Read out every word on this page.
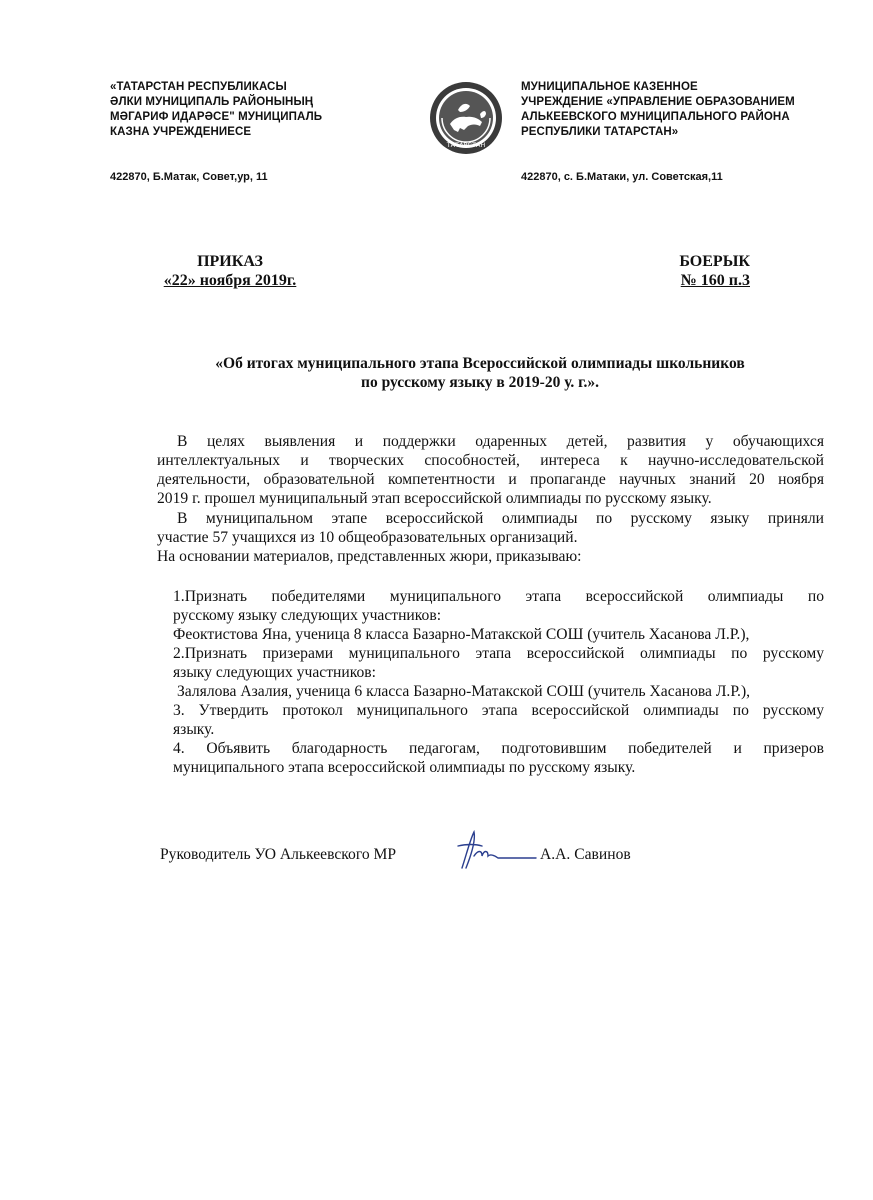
«ТАТАРСТАН РЕСПУБЛИКАСЫ
ӘЛКИ МУНИЦИПАЛЬ РАЙОНЫНЫҢ
МӘГАРИФ ИДАРӘСЕ" МУНИЦИПАЛЬ
КАЗНА УЧРЕЖДЕНИЕСЕ
422870, Б.Матак, Совет,ур, 11
ТАТАРСТАН
МУНИЦИПАЛЬНОЕ КАЗЕННОЕ
УЧРЕЖДЕНИЕ «УПРАВЛЕНИЕ ОБРАЗОВАНИЕМ
АЛЬКЕЕВСКОГО МУНИЦИПАЛЬНОГО РАЙОНА
РЕСПУБЛИКИ ТАТАРСТАН»
422870, с. Б.Матаки, ул. Советская,11
ПРИКАЗ
«22» ноября 2019г.
БОЕРЫК
№ 160 п.3
«Об итогах муниципального этапа Всероссийской олимпиады школьников
по русскому языку в 2019-20 у. г.».
В целях выявления и поддержки одаренных детей, развития у обучающихся
интеллектуальных и творческих способностей, интереса к научно-исследовательской
деятельности, образовательной компетентности и пропаганде научных знаний 20 ноября
2019 г. прошел муниципальный этап всероссийской олимпиады по русскому языку.
В муниципальном этапе всероссийской олимпиады по русскому языку приняли
участие 57 учащихся из 10 общеобразовательных организаций.
На основании материалов, представленных жюри, приказываю:
1.Признать победителями муниципального этапа всероссийской олимпиады по
русскому языку следующих участников:
Феоктистова Яна, ученица 8 класса Базарно-Матакской СОШ (учитель Хасанова Л.Р.),
2.Признать призерами муниципального этапа всероссийской олимпиады по русскому
языку следующих участников:
Залялова Азалия, ученица 6 класса Базарно-Матакской СОШ (учитель Хасанова Л.Р.),
3. Утвердить протокол муниципального этапа всероссийской олимпиады по русскому
языку.
4. Объявить благодарность педагогам, подготовившим победителей и призеров
муниципального этапа всероссийской олимпиады по русскому языку.
Руководитель УО Алькеевского МР	А.А. Савинов
